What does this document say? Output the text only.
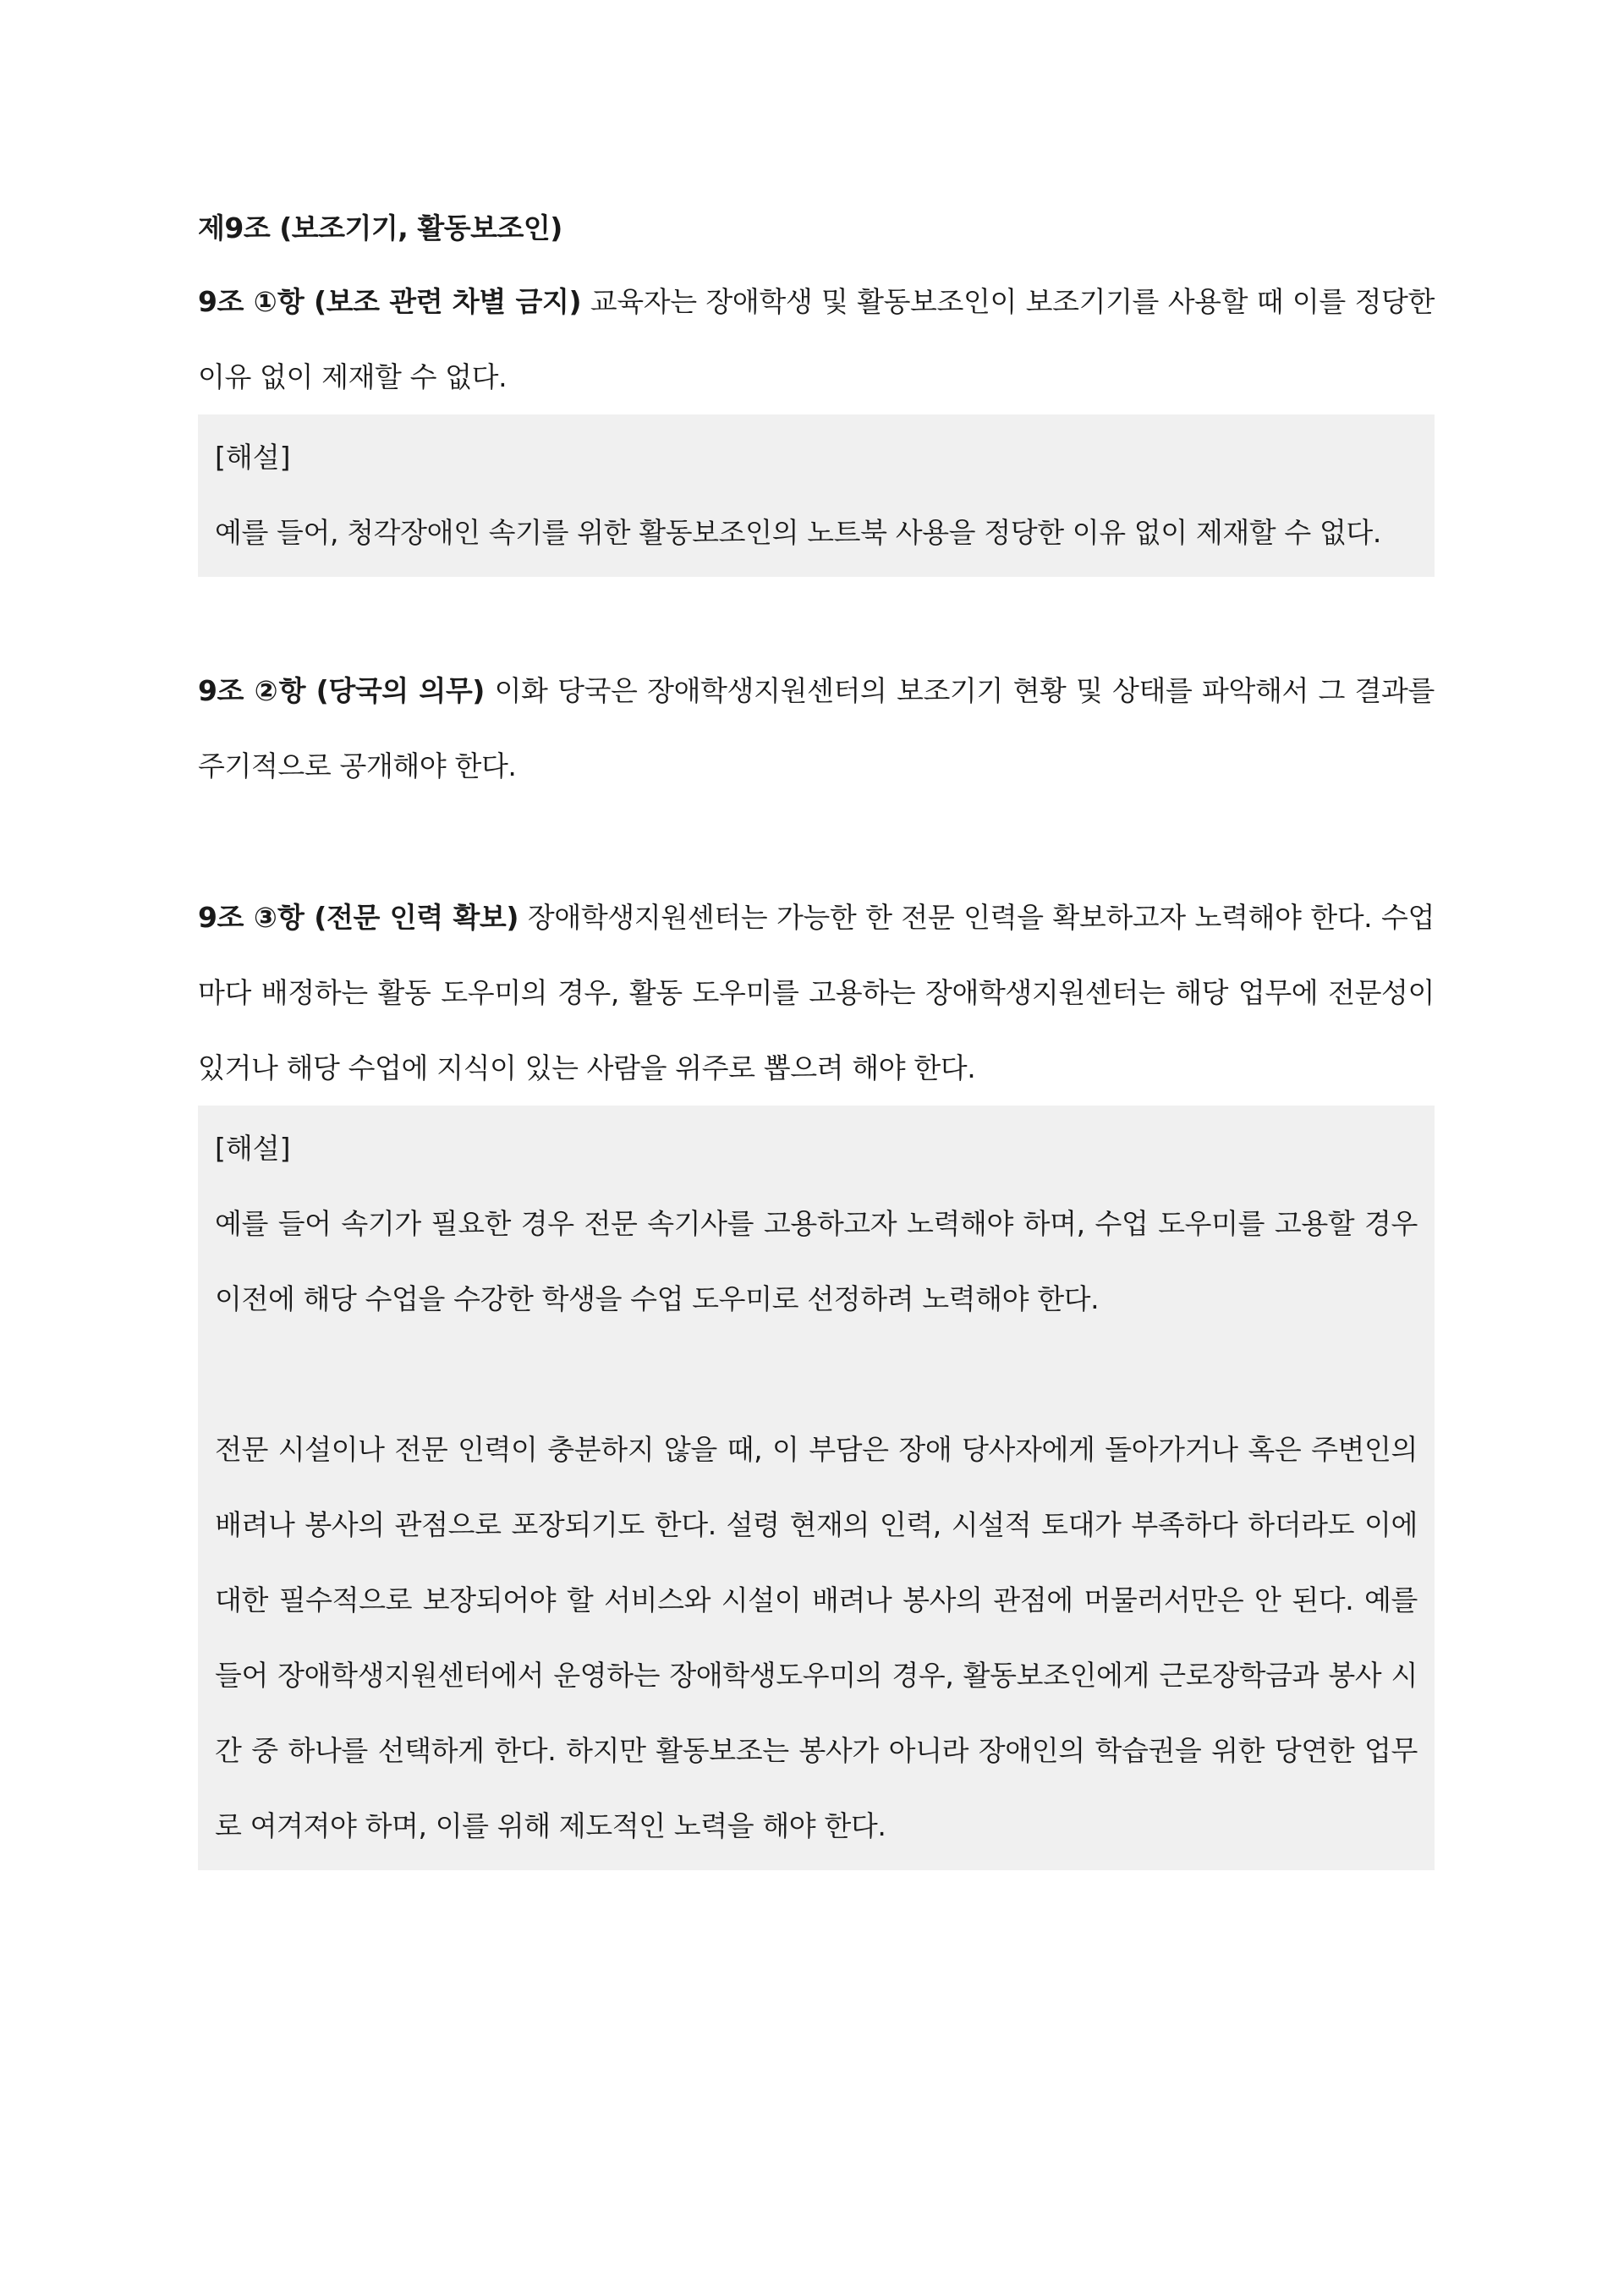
제9조 (보조기기, 활동보조인)

9조 ①항 (보조 관련 차별 금지) 교육자는 장애학생 및 활동보조인이 보조기기를 사용할 때 이를 정당한 이유 없이 제재할 수 없다.

[해설]

예를 들어, 청각장애인 속기를 위한 활동보조인의 노트북 사용을 정당한 이유 없이 제재할 수 없다.

9조 ②항 (당국의 의무) 이화 당국은 장애학생지원센터의 보조기기 현황 및 상태를 파악해서 그 결과를 주기적으로 공개해야 한다.

9조 ③항 (전문 인력 확보) 장애학생지원센터는 가능한 한 전문 인력을 확보하고자 노력해야 한다. 수업마다 배정하는 활동 도우미의 경우, 활동 도우미를 고용하는 장애학생지원센터는 해당 업무에 전문성이 있거나 해당 수업에 지식이 있는 사람을 위주로 뽑으려 해야 한다.

[해설]

예를 들어 속기가 필요한 경우 전문 속기사를 고용하고자 노력해야 하며, 수업 도우미를 고용할 경우 이전에 해당 수업을 수강한 학생을 수업 도우미로 선정하려 노력해야 한다.

전문 시설이나 전문 인력이 충분하지 않을 때, 이 부담은 장애 당사자에게 돌아가거나 혹은 주변인의 배려나 봉사의 관점으로 포장되기도 한다. 설령 현재의 인력, 시설적 토대가 부족하다 하더라도 이에 대한 필수적으로 보장되어야 할 서비스와 시설이 배려나 봉사의 관점에 머물러서만은 안 된다. 예를 들어 장애학생지원센터에서 운영하는 장애학생도우미의 경우, 활동보조인에게 근로장학금과 봉사 시간 중 하나를 선택하게 한다. 하지만 활동보조는 봉사가 아니라 장애인의 학습권을 위한 당연한 업무로 여겨져야 하며, 이를 위해 제도적인 노력을 해야 한다.
